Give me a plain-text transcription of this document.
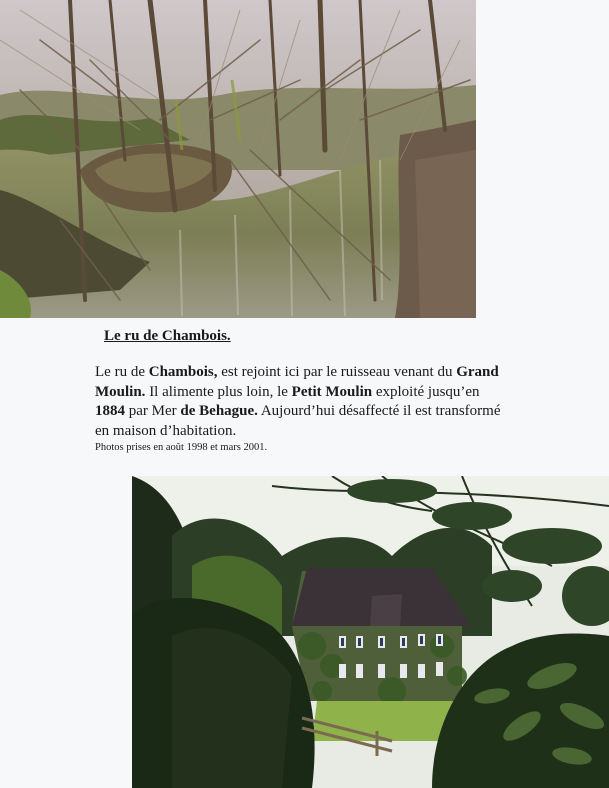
Le ru de Chambois.

Le ru de Chambois, est rejoint ici par le ruisseau venant du Grand Moulin. Il alimente plus loin, le Petit Moulin exploité jusqu’en 1884 par Mer de Behague. Aujourd’hui désaffecté il est transformé en maison d’habitation.

Photos prises en août 1998 et mars 2001.
